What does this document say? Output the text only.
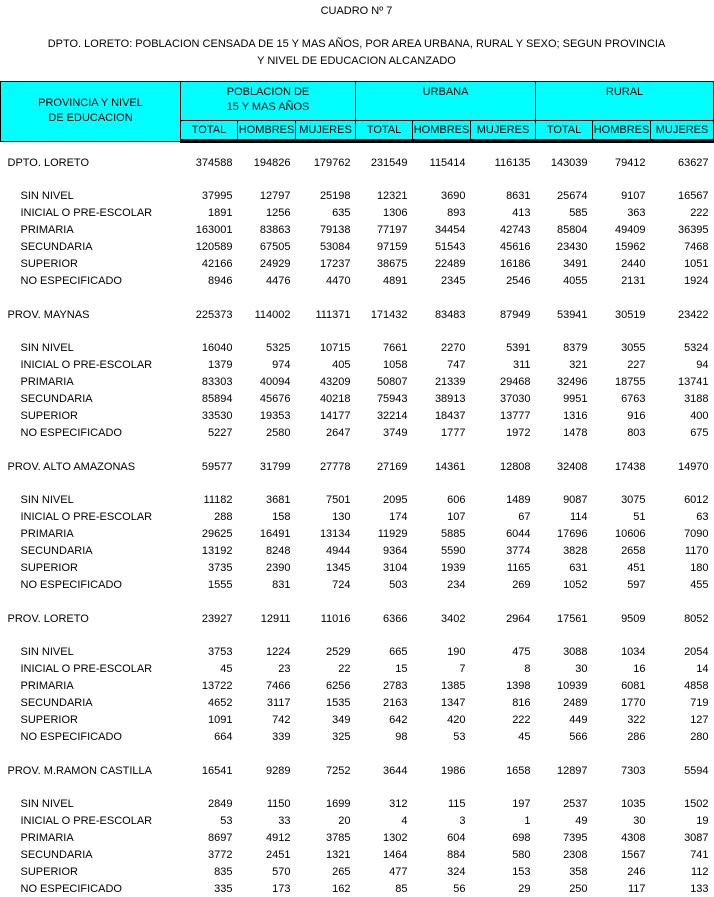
CUADRO Nº 7
DPTO. LORETO: POBLACION CENSADA DE 15 Y MAS AÑOS, POR AREA URBANA, RURAL Y SEXO; SEGUN PROVINCIA
Y NIVEL DE EDUCACION ALCANZADO
PROVINCIA Y NIVEL
DE EDUCACION

POBLACION DE
15 Y MAS AÑOS

URBANA	RURAL

	TOTAL	HOMBRES	MUJERES	TOTAL	HOMBRES	MUJERES	TOTAL	HOMBRES	MUJERES

DPTO. LORETO	374588	194826	179762	231549	115414	116135	143039	79412	63627

SIN NIVEL	37995	12797	25198	12321	3690	8631	25674	9107	16567
INICIAL O PRE-ESCOLAR	1891	1256	635	1306	893	413	585	363	222
PRIMARIA	163001	83863	79138	77197	34454	42743	85804	49409	36395
SECUNDARIA	120589	67505	53084	97159	51543	45616	23430	15962	7468
SUPERIOR	42166	24929	17237	38675	22489	16186	3491	2440	1051
NO ESPECIFICADO	8946	4476	4470	4891	2345	2546	4055	2131	1924

PROV. MAYNAS	225373	114002	111371	171432	83483	87949	53941	30519	23422

SIN NIVEL	16040	5325	10715	7661	2270	5391	8379	3055	5324
INICIAL O PRE-ESCOLAR	1379	974	405	1058	747	311	321	227	94
PRIMARIA	83303	40094	43209	50807	21339	29468	32496	18755	13741
SECUNDARIA	85894	45676	40218	75943	38913	37030	9951	6763	3188
SUPERIOR	33530	19353	14177	32214	18437	13777	1316	916	400
NO ESPECIFICADO	5227	2580	2647	3749	1777	1972	1478	803	675

PROV. ALTO AMAZONAS	59577	31799	27778	27169	14361	12808	32408	17438	14970

SIN NIVEL	11182	3681	7501	2095	606	1489	9087	3075	6012
INICIAL O PRE-ESCOLAR	288	158	130	174	107	67	114	51	63
PRIMARIA	29625	16491	13134	11929	5885	6044	17696	10606	7090
SECUNDARIA	13192	8248	4944	9364	5590	3774	3828	2658	1170
SUPERIOR	3735	2390	1345	3104	1939	1165	631	451	180
NO ESPECIFICADO	1555	831	724	503	234	269	1052	597	455

PROV. LORETO	23927	12911	11016	6366	3402	2964	17561	9509	8052

SIN NIVEL	3753	1224	2529	665	190	475	3088	1034	2054
INICIAL O PRE-ESCOLAR	45	23	22	15	7	8	30	16	14
PRIMARIA	13722	7466	6256	2783	1385	1398	10939	6081	4858
SECUNDARIA	4652	3117	1535	2163	1347	816	2489	1770	719
SUPERIOR	1091	742	349	642	420	222	449	322	127
NO ESPECIFICADO	664	339	325	98	53	45	566	286	280

PROV. M.RAMON CASTILLA	16541	9289	7252	3644	1986	1658	12897	7303	5594

SIN NIVEL	2849	1150	1699	312	115	197	2537	1035	1502
INICIAL O PRE-ESCOLAR	53	33	20	4	3	1	49	30	19
PRIMARIA	8697	4912	3785	1302	604	698	7395	4308	3087
SECUNDARIA	3772	2451	1321	1464	884	580	2308	1567	741
SUPERIOR	835	570	265	477	324	153	358	246	112
NO ESPECIFICADO	335	173	162	85	56	29	250	117	133
